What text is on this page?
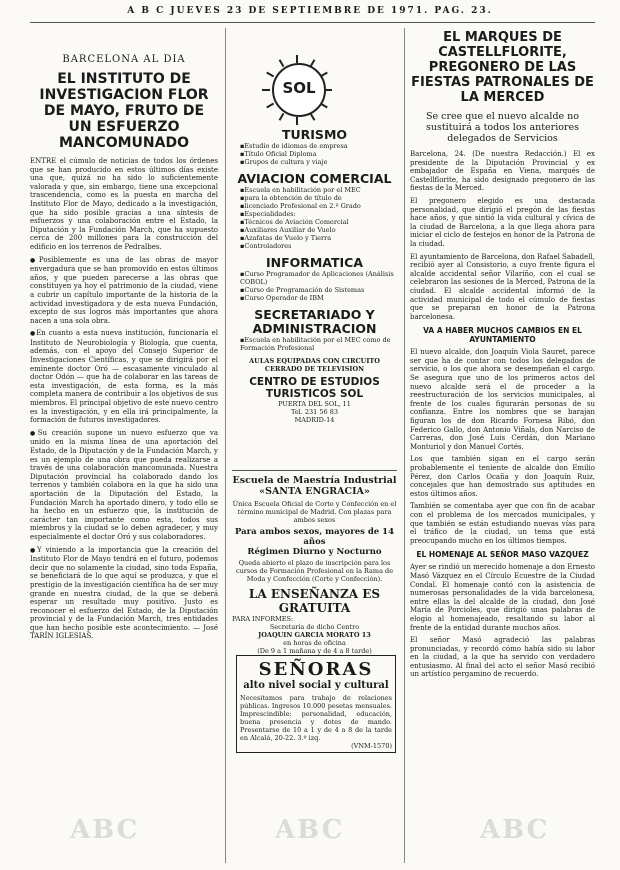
A B C JUEVES 23 DE SEPTIEMBRE DE 1971. PAG. 23.
BARCELONA AL DIA
EL INSTITUTO DE INVESTIGACION FLOR DE MAYO, FRUTO DE UN ESFUERZO MANCOMUNADO

ENTRE el cúmulo de noticias de todos los órdenes que se han producido en estos últimos días existe una que, quizá no ha sido lo suficientemente valorada y que, sin embargo, tiene una excepcional trascendencia, como es la puesta en marcha del Instituto Flor de Mayo, dedicado a la investigación, que ha sido posible gracias a una síntesis de esfuerzos y una colaboración entre el Estado, la Diputación y la Fundación March, que ha supuesto cerca de 200 millones para la construcción del edificio en los terrenos de Pedralbes.

● Posiblemente es una de las obras de mayor envergadura que se han promovido en estos últimos años, y que pueden parecerse a las obras que constituyen ya hoy el patrimonio de la ciudad, viene a cubrir un capítulo importante de la historia de la actividad investigadora y de esta nueva Fundación, excepto de sus logros más importantes que ahora nacen a una sola obra.

● En cuanto a esta nueva institución, funcionaría el Instituto de Neurobiología y Biología, que cuenta, además, con el apoyo del Consejo Superior de Investigaciones Científicas, y que se dirigirá por el eminente doctor Oró — escasamente vinculado al doctor Odón — que ha de colaborar en las tareas de esta investigación, de esta forma, es la más completa manera de contribuir a los objetivos de sus miembros. El principal objetivo de este nuevo centro es la investigación, y en ella irá principalmente, la formación de futuros investigadores.

● Su creación supone un nuevo esfuerzo que va unido en la misma línea de una aportación del Estado, de la Diputación y de la Fundación March, y es un ejemplo de una obra que pueda realizarse a través de una colaboración mancomunada. Nuestra Diputación provincial ha colaborado dando los terrenos y también colabora en la que ha sido una aportación de la Diputación del Estado, la Fundación March ha aportado dinero, y todo ello se ha hecho en un esfuerzo que, la institución de carácter tan importante como esta, todos sus miembros y la ciudad se lo deben agradecer, y muy especialmente el doctor Oró y sus colaboradores.

● Y viniendo a la importancia que la creación del Instituto Flor de Mayo tendrá en el futuro, podemos decir que no solamente la ciudad, sino toda España, se beneficiará de lo que aquí se produzca, y que el prestigio de la investigación científica ha de ser muy grande en nuestra ciudad, de la que se deberá esperar un resultado muy positivo. Justo es reconocer el esfuerzo del Estado, de la Diputación provincial y de la Fundación March, tres entidades que han hecho posible este acontecimiento. — José TARÍN IGLESIAS.

SOL
TURISMO
▪ Estudio de idiomas de empresa
▪ Título Oficial Diploma
▪ Grupos de cultura y viaje
AVIACION COMERCIAL
▪ Escuela en habilitación por el MEC
▪ para la obtención de título de
▪ licenciado Profesional en 2.º Grado
▪ Especialidades:
▪ Técnicos de Aviación Comercial
▪ Auxiliares Auxiliar de Vuelo
▪ Azafatas de Vuelo y Tierra
▪ Controladores
INFORMATICA
▪ Curso Programador de Aplicaciones (Análisis COBOL)
▪ Curso de Programación de Sistemas
▪ Curso Operador de IBM
SECRETARIADO Y ADMINISTRACION
▪ Escuela en habilitación por el MEC como de Formación Profesional
AULAS EQUIPADAS CON CIRCUITO CERRADO DE TELEVISION
CENTRO DE ESTUDIOS TURISTICOS SOL
PUERTA DEL SOL, 11
Tel. 231 56 83
MADRID-14
Escuela de Maestría Industrial «SANTA ENGRACIA»
Única Escuela Oficial de Corte y Confección en el término municipal de Madrid. Con plazas para ambos sexos
Para ambos sexos, mayores de 14 años
Régimen Diurno y Nocturno
Queda abierto el plazo de inscripción para los cursos de Formación Profesional en la Rama de Moda y Confección (Corte y Confección).
LA ENSEÑANZA ES GRATUITA
PARA INFORMES:
Secretaría de dicho Centro
JOAQUIN GARCIA MORATO 13
en horas de oficina
(De 9 a 1 mañana y de 4 a 8 tarde)
SEÑORAS
alto nivel social y cultural
Necesitamos para trabajo de relaciones públicas. Ingresos 10.000 pesetas mensuales. Imprescindible: personalidad, educación, buena presencia y dotes de mando. Presentarse de 10 a 1 y de 4 a 8 de la tarde en Alcalá, 20-22. 3.º izq.
(VNM-1570)
EL MARQUES DE CASTELLFLORITE, PREGONERO DE LAS FIESTAS PATRONALES DE LA MERCED
Se cree que el nuevo alcalde no sustituirá a todos los anteriores delegados de Servicios

Barcelona, 24. (De nuestra Redacción.) El ex presidente de la Diputación Provincial y ex embajador de España en Viena, marqués de Castellflorite, ha sido designado pregonero de las fiestas de la Merced.

El pregonero elegido es una destacada personalidad, que dirigió el pregón de las fiestas hace años, y que sintió la vida cultural y cívica de la ciudad de Barcelona, a la que llega ahora para iniciar el ciclo de festejos en honor de la Patrona de la ciudad.

El ayuntamiento de Barcelona, don Rafael Sabadell, recibió ayer al Consistorio, a cuyo frente figura el alcalde accidental señor Vilariño, con el cual se celebraron las sesiones de la Merced, Patrona de la ciudad. El alcalde accidental informó de la actividad municipal de todo el cúmulo de fiestas que se preparan en honor de la Patrona barcelonesa.

VA A HABER MUCHOS CAMBIOS EN EL AYUNTAMIENTO

El nuevo alcalde, don Joaquín Viola Sauret, parece ser que ha de contar con todos los delegados de servicio, o los que ahora se desempeñan el cargo. Se asegura que uno de los primeros actos del nuevo alcalde será el de proceder a la reestructuración de los servicios municipales, al frente de los cuales figurarán personas de su confianza. Entre los nombres que se barajan figuran los de don Ricardo Fornesa Ribó, don Federico Gallo, don Antonio Viñals, don Narciso de Carreras, don José Luis Cerdán, don Mariano Monturiol y don Manuel Cortés.

Los que también sigan en el cargo serán probablemente el teniente de alcalde don Emilio Pérez, don Carlos Ocaña y don Joaquín Ruiz, concejales que han demostrado sus aptitudes en estos últimos años.

También se comentaba ayer que con fin de acabar con el problema de los mercados municipales, y que también se están estudiando nuevas vías para el tráfico de la ciudad, un tema que está preocupando mucho en los últimos tiempos.

EL HOMENAJE AL SEÑOR MASO VAZQUEZ

Ayer se rindió un merecido homenaje a don Ernesto Masó Vázquez en el Círculo Ecuestre de la Ciudad Condal. El homenaje contó con la asistencia de numerosas personalidades de la vida barcelonesa, entre ellas la del alcalde de la ciudad, don José María de Porcioles, que dirigió unas palabras de elogio al homenajeado, resaltando su labor al frente de la entidad durante muchos años.

El señor Masó agradeció las palabras pronunciadas, y recordó cómo había sido su labor en la ciudad, a la que ha servido con verdadero entusiasmo. Al final del acto el señor Masó recibió un artístico pergamino de recuerdo.

ABC	ABC	ABC
